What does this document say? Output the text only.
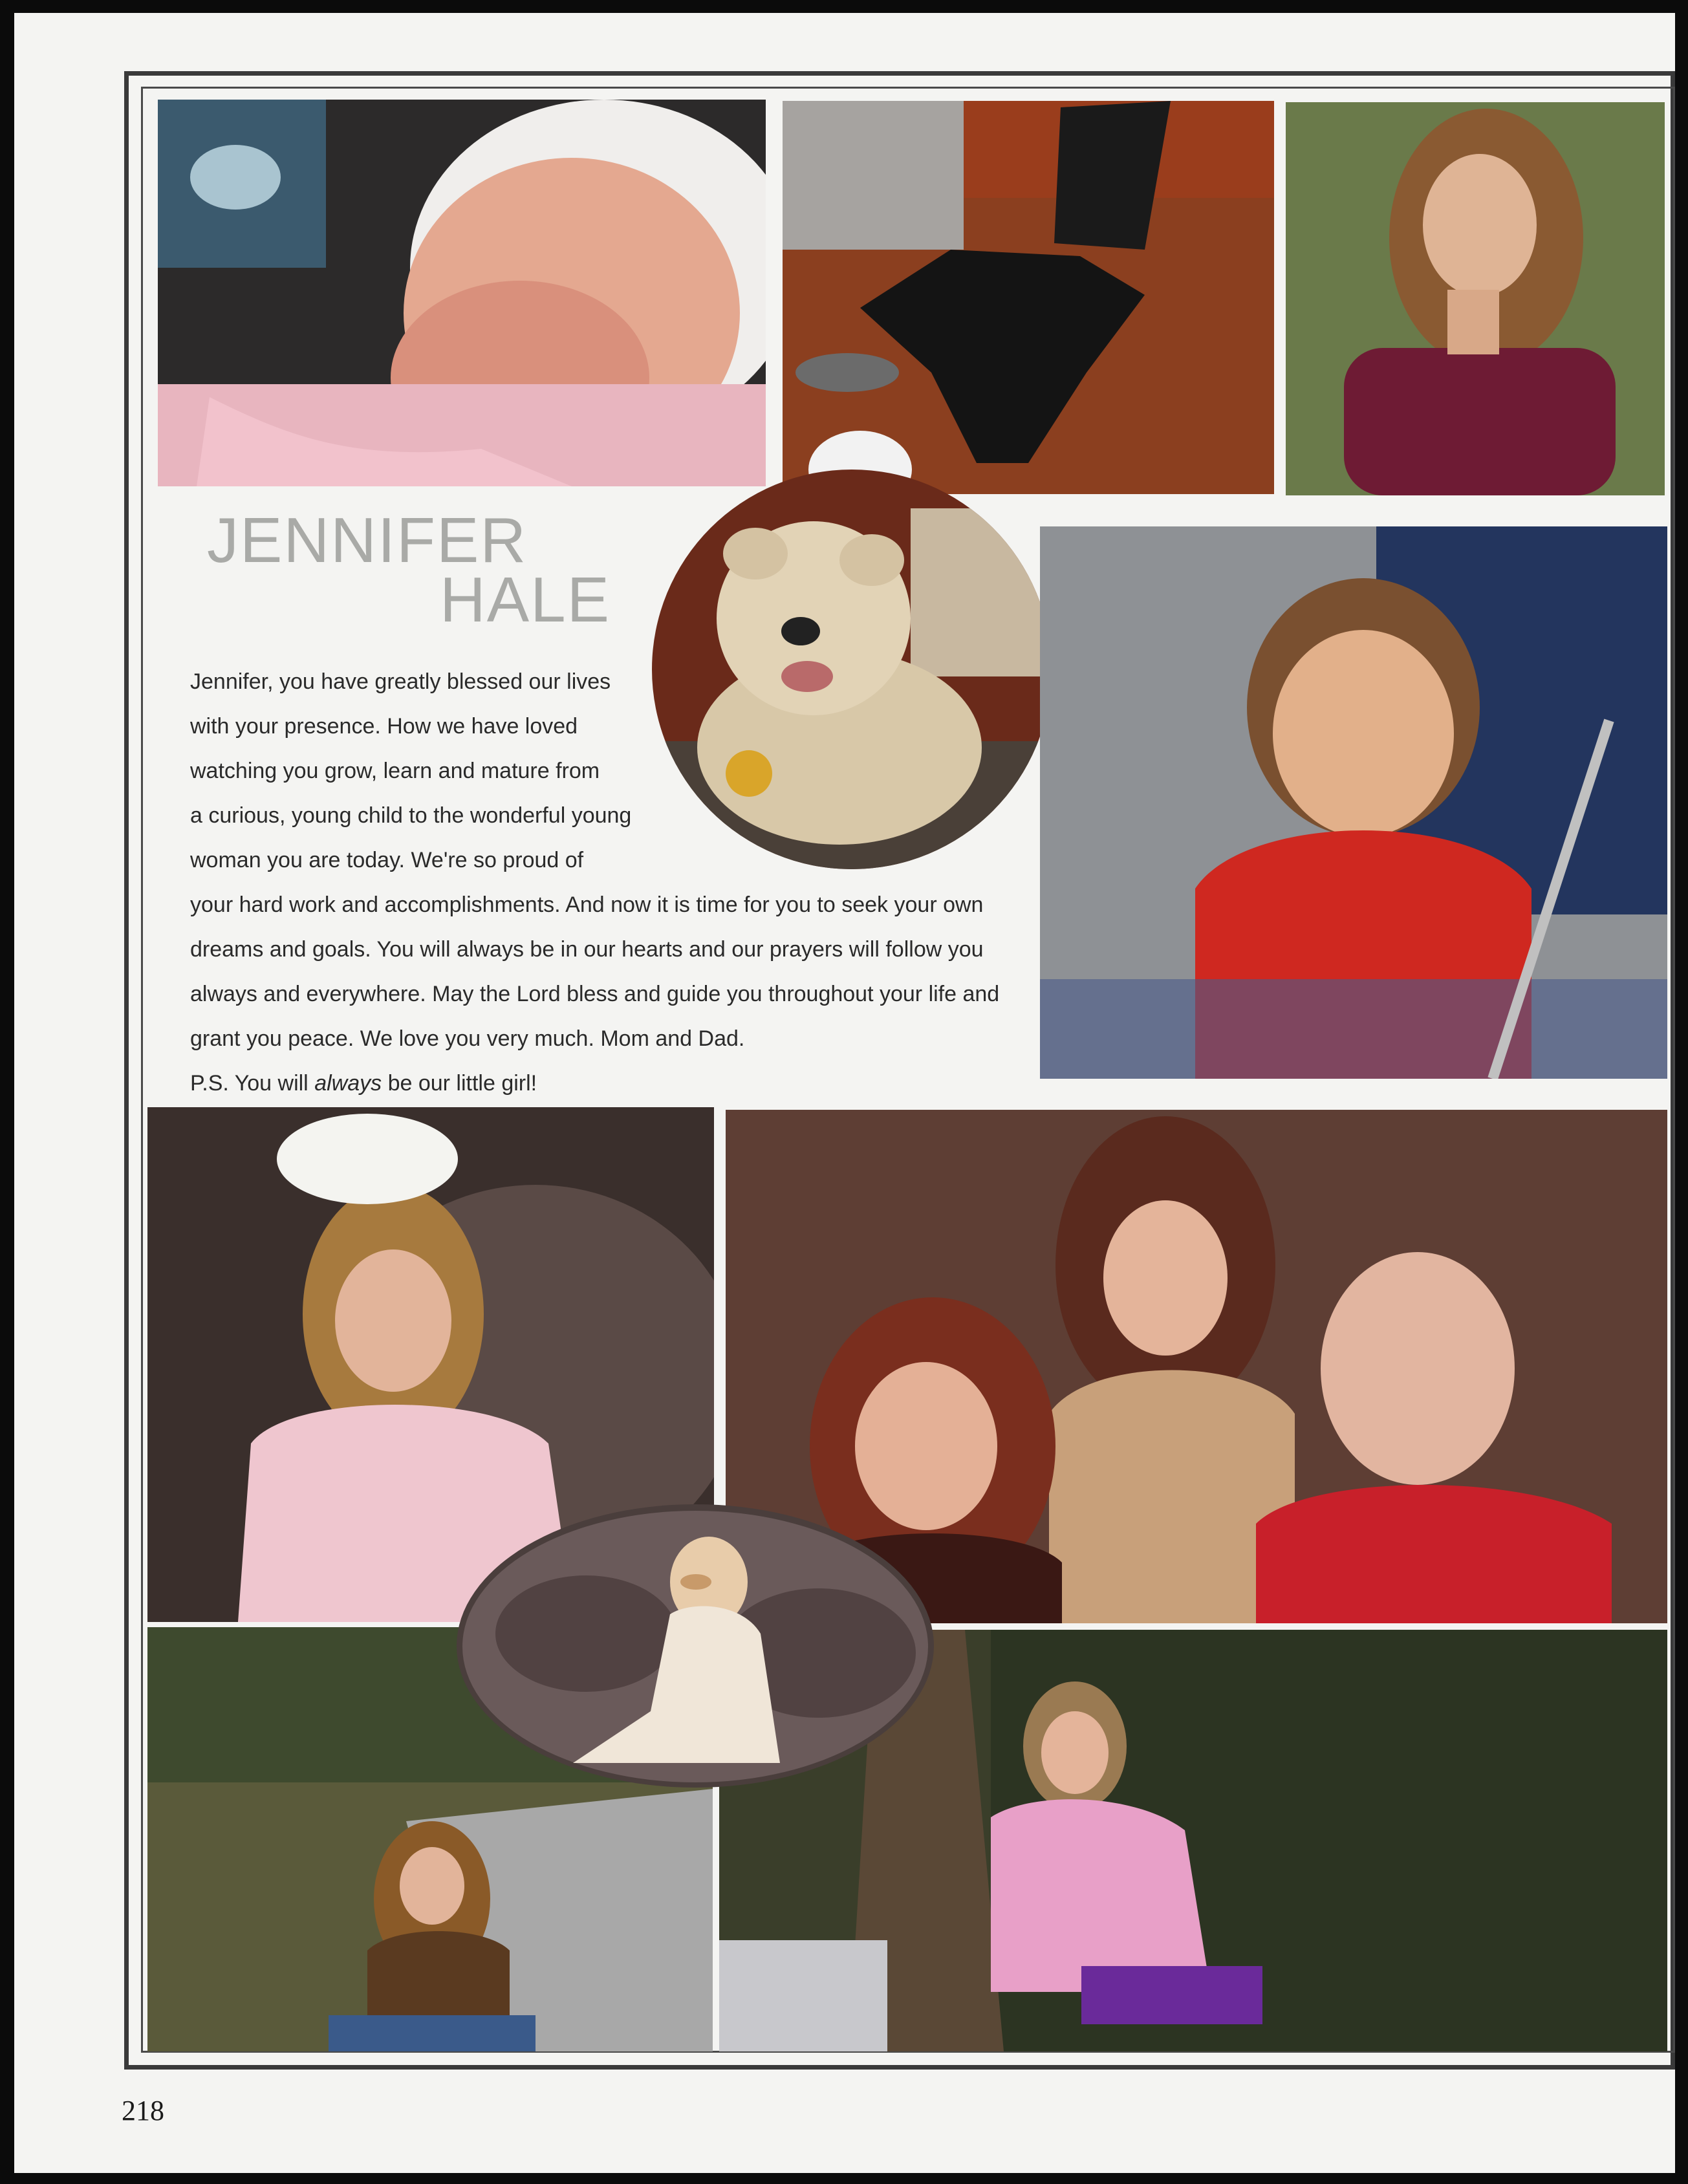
JENNIFER
HALE

Jennifer, you have greatly blessed our lives

with your presence. How we have loved

watching you grow, learn and mature from

a curious, young child to the wonderful young

woman you are today. We're so proud of

your hard work and accomplishments. And now it is time for you to seek your own

dreams and goals. You will always be in our hearts and our prayers will follow you

always and everywhere. May the Lord bless and guide you throughout your life and

grant you peace. We love you very much. Mom and Dad.

P.S. You will always be our little girl!

218
